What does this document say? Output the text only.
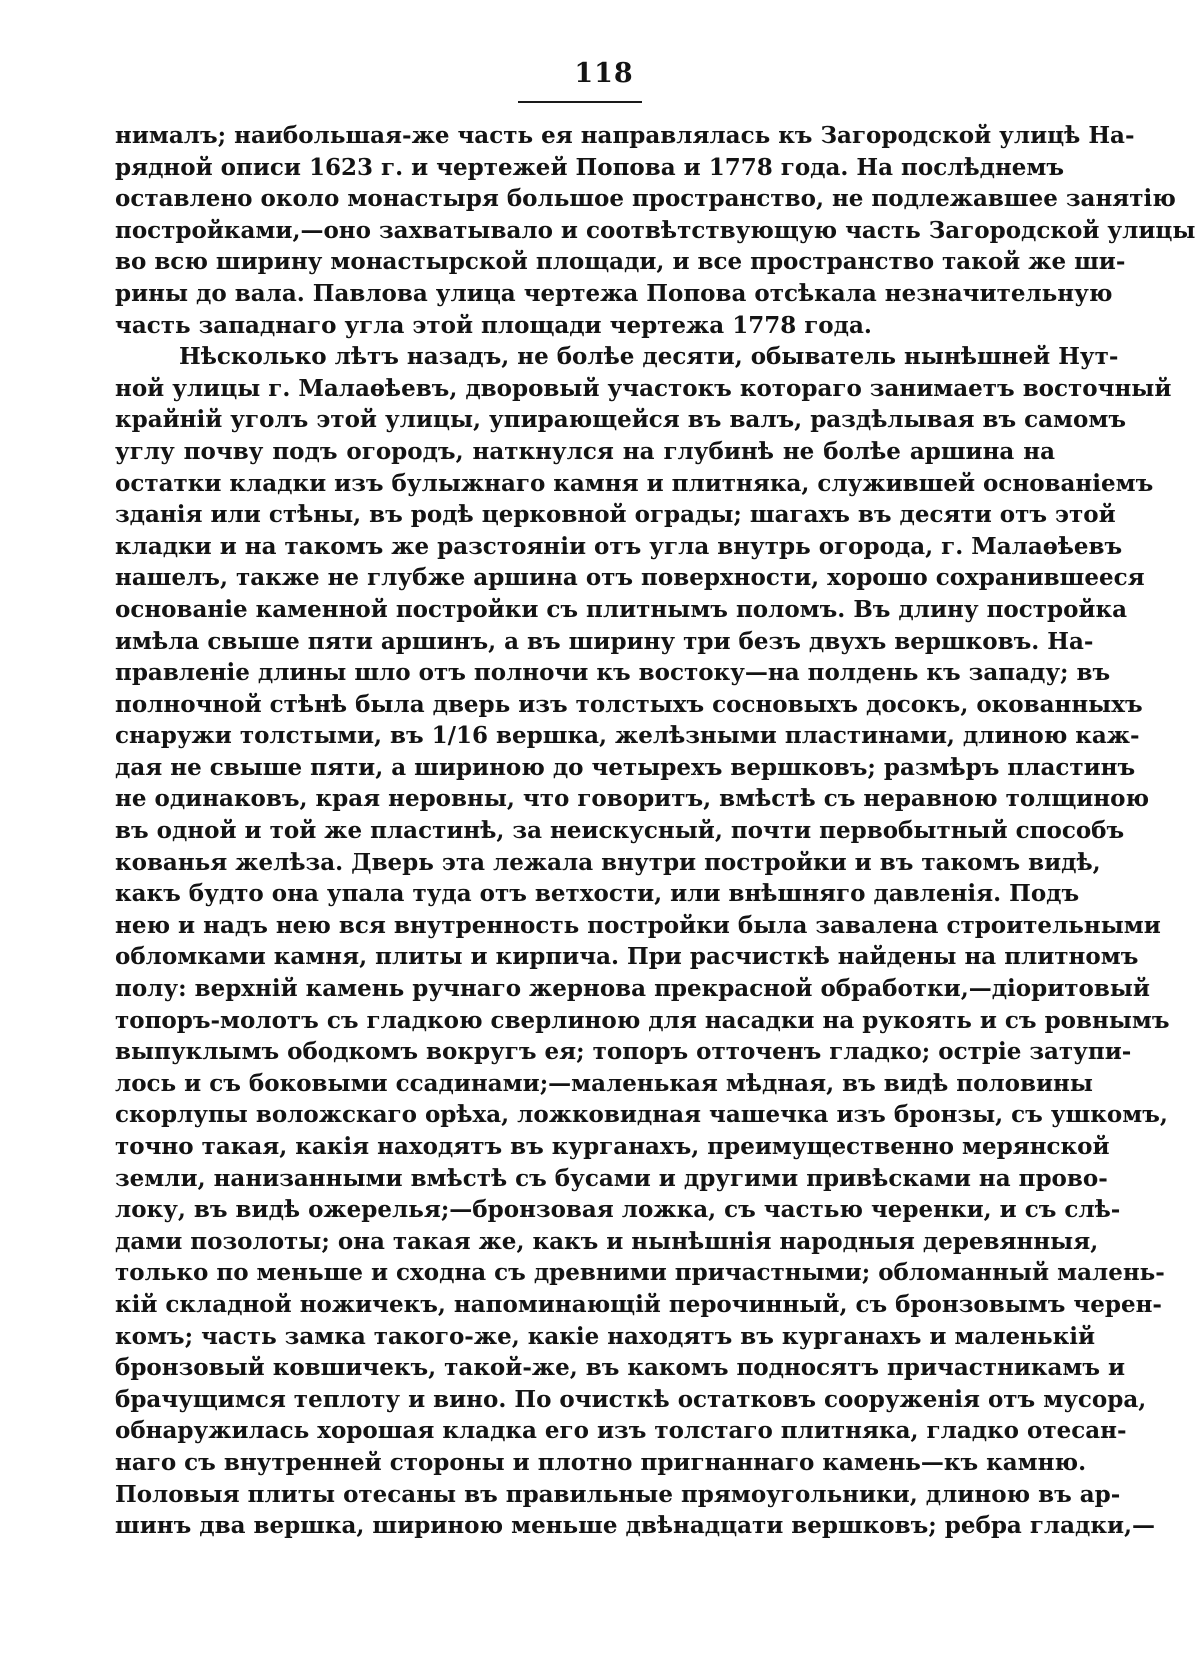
118
нималъ; наибольшая-же часть ея направлялась къ Загородской улицѣ На-
рядной описи 1623 г. и чертежей Попова и 1778 года. На послѣднемъ
оставлено около монастыря большое пространство, не подлежавшее занятію
постройками,—оно захватывало и соотвѣтствующую часть Загородской улицы
во всю ширину монастырской площади, и все пространство такой же ши-
рины до вала. Павлова улица чертежа Попова отсѣкала незначительную
часть западнаго угла этой площади чертежа 1778 года.
Нѣсколько лѣтъ назадъ, не болѣе десяти, обыватель нынѣшней Нут-
ной улицы г. Малаѳѣевъ, дворовый участокъ котораго занимаетъ восточный
крайній уголъ этой улицы, упирающейся въ валъ, раздѣлывая въ самомъ
углу почву подъ огородъ, наткнулся на глубинѣ не болѣе аршина на
остатки кладки изъ булыжнаго камня и плитняка, служившей основаніемъ
зданія или стѣны, въ родѣ церковной ограды; шагахъ въ десяти отъ этой
кладки и на такомъ же разстояніи отъ угла внутрь огорода, г. Малаѳѣевъ
нашелъ, также не глубже аршина отъ поверхности, хорошо сохранившееся
основаніе каменной постройки съ плитнымъ поломъ. Въ длину постройка
имѣла свыше пяти аршинъ, а въ ширину три безъ двухъ вершковъ. На-
правленіе длины шло отъ полночи къ востоку—на полдень къ западу; въ
полночной стѣнѣ была дверь изъ толстыхъ сосновыхъ досокъ, окованныхъ
снаружи толстыми, въ 1/16 вершка, желѣзными пластинами, длиною каж-
дая не свыше пяти, а шириною до четырехъ вершковъ; размѣръ пластинъ
не одинаковъ, края неровны, что говоритъ, вмѣстѣ съ неравною толщиною
въ одной и той же пластинѣ, за неискусный, почти первобытный способъ
кованья желѣза. Дверь эта лежала внутри постройки и въ такомъ видѣ,
какъ будто она упала туда отъ ветхости, или внѣшняго давленія. Подъ
нею и надъ нею вся внутренность постройки была завалена строительными
обломками камня, плиты и кирпича. При расчисткѣ найдены на плитномъ
полу: верхній камень ручнаго жернова прекрасной обработки,—діоритовый
топоръ-молотъ съ гладкою сверлиною для насадки на рукоять и съ ровнымъ
выпуклымъ ободкомъ вокругъ ея; топоръ отточенъ гладко; остріе затупи-
лось и съ боковыми ссадинами;—маленькая мѣдная, въ видѣ половины
скорлупы воложскаго орѣха, ложковидная чашечка изъ бронзы, съ ушкомъ,
точно такая, какія находятъ въ курганахъ, преимущественно мерянской
земли, нанизанными вмѣстѣ съ бусами и другими привѣсками на прово-
локу, въ видѣ ожерелья;—бронзовая ложка, съ частью черенки, и съ слѣ-
дами позолоты; она такая же, какъ и нынѣшнія народныя деревянныя,
только по меньше и сходна съ древними причастными; обломанный малень-
кій складной ножичекъ, напоминающій перочинный, съ бронзовымъ черен-
комъ; часть замка такого-же, какіе находятъ въ курганахъ и маленькій
бронзовый ковшичекъ, такой-же, въ какомъ подносятъ причастникамъ и
брачущимся теплоту и вино. По очисткѣ остатковъ сооруженія отъ мусора,
обнаружилась хорошая кладка его изъ толстаго плитняка, гладко отесан-
наго съ внутренней стороны и плотно пригнаннаго камень—къ камню.
Половыя плиты отесаны въ правильные прямоугольники, длиною въ ар-
шинъ два вершка, шириною меньше двѣнадцати вершковъ; ребра гладки,—
